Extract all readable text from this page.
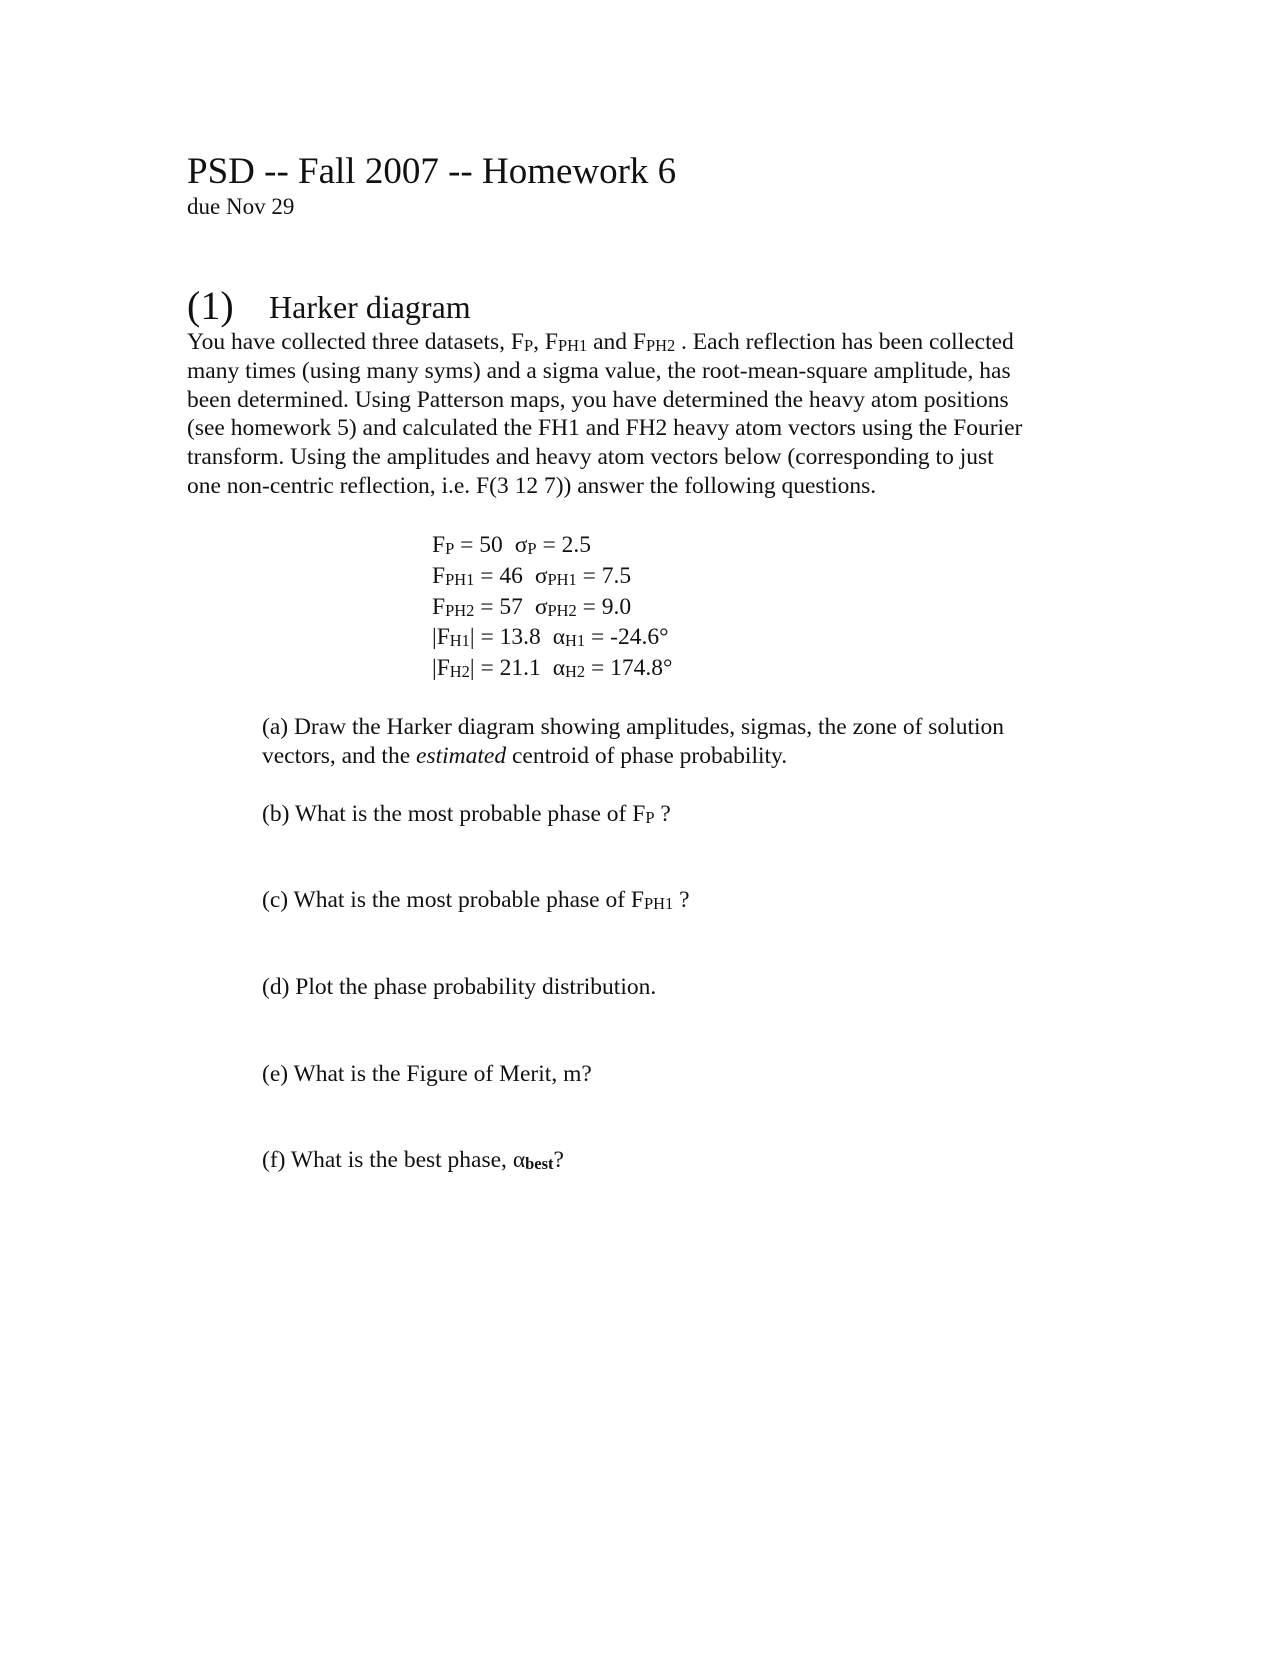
PSD -- Fall 2007 -- Homework 6
due Nov 29
(1) Harker diagram
You have collected three datasets, $F_P$, $F_{PH1}$ and $F_{PH2}$ . Each reflection has been collected
many times (using many syms) and a sigma value, the root-mean-square amplitude, has
been determined. Using Patterson maps, you have determined the heavy atom positions
(see homework 5) and calculated the FH1 and FH2 heavy atom vectors using the Fourier
transform. Using the amplitudes and heavy atom vectors below (corresponding to just
one non-centric reflection, i.e. F(3 12 7)) answer the following questions.
$F_P = 50$ $\sigma_P = 2.5$
$F_{PH1} = 46$ $\sigma_{PH1} = 7.5$
$F_{PH2} = 57$ $\sigma_{PH2} = 9.0$
$|F_{H1}| = 13.8$ $\alpha_{H1} = -24.6^\circ$
$|F_{H2}| = 21.1$ $\alpha_{H2} = 174.8^\circ$
(a) Draw the Harker diagram showing amplitudes, sigmas, the zone of solution
vectors, and the estimated centroid of phase probability.
(b) What is the most probable phase of $F_P$ ?
(c) What is the most probable phase of $F_{PH1}$ ?
(d) Plot the phase probability distribution.
(e) What is the Figure of Merit, m?
(f) What is the best phase, $\alpha_{best}$?
